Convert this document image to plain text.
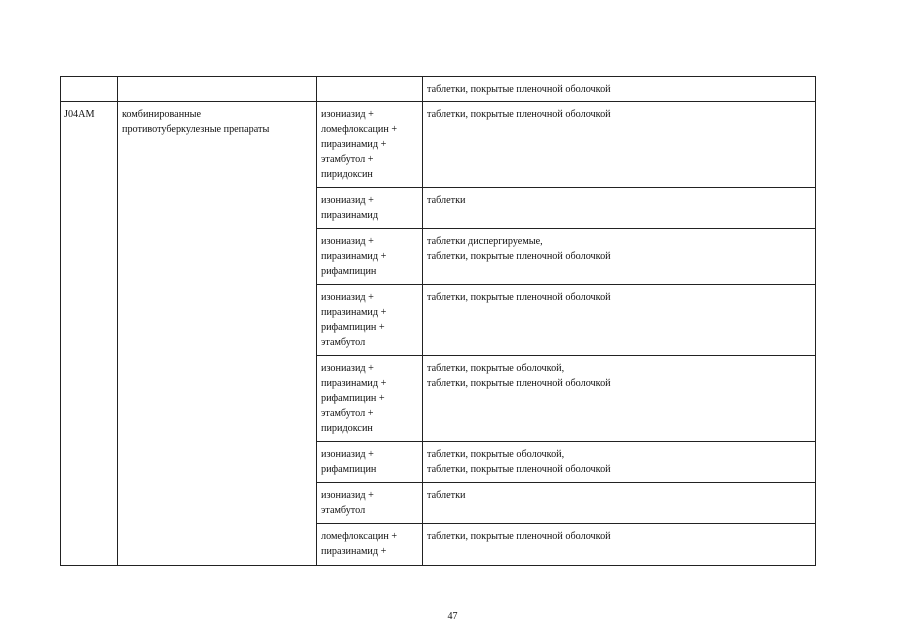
			таблетки, покрытые пленочной оболочкой

J04AM	комбинированные
противотуберкулезные препараты	изониазид +
ломефлоксацин +
пиразинамид +
этамбутол +
пиридоксин	таблетки, покрытые пленочной оболочкой

		изониазид +
пиразинамид	таблетки

		изониазид +
пиразинамид +
рифампицин	таблетки диспергируемые,
таблетки, покрытые пленочной оболочкой

		изониазид +
пиразинамид +
рифампицин +
этамбутол	таблетки, покрытые пленочной оболочкой

		изониазид +
пиразинамид +
рифампицин +
этамбутол +
пиридоксин	таблетки, покрытые оболочкой,
таблетки, покрытые пленочной оболочкой

		изониазид +
рифампицин	таблетки, покрытые оболочкой,
таблетки, покрытые пленочной оболочкой

		изониазид +
этамбутол	таблетки

		ломефлоксацин +
пиразинамид +	таблетки, покрытые пленочной оболочкой
47
